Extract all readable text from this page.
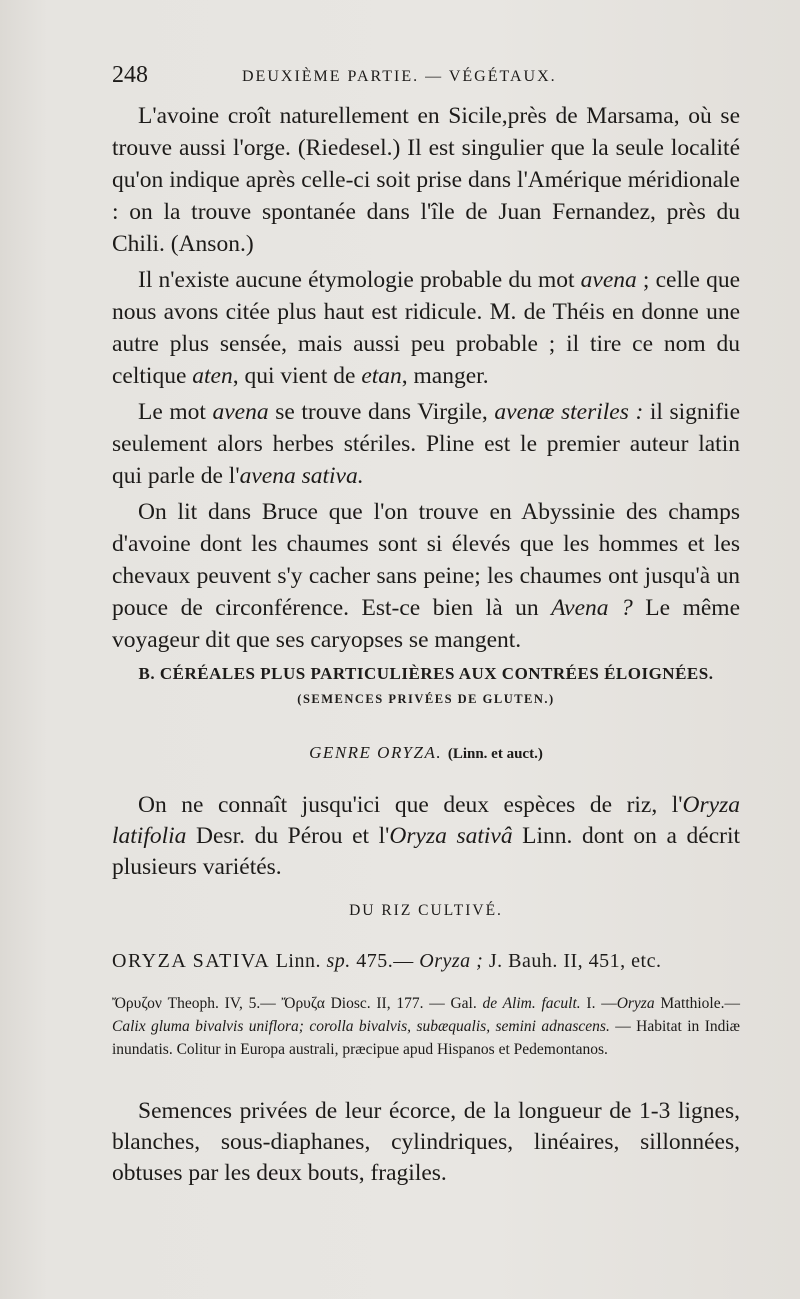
248	DEUXIÈME PARTIE. — VÉGÉTAUX.

L'avoine croît naturellement en Sicile,près de Marsama, où se trouve aussi l'orge. (Riedesel.) Il est singulier que la seule localité qu'on indique après celle-ci soit prise dans l'Amérique méridionale : on la trouve spontanée dans l'île de Juan Fernandez, près du Chili. (Anson.)

Il n'existe aucune étymologie probable du mot avena ; celle que nous avons citée plus haut est ridicule. M. de Théis en donne une autre plus sensée, mais aussi peu probable ; il tire ce nom du celtique aten, qui vient de etan, manger.

Le mot avena se trouve dans Virgile, avenæ steriles : il signifie seulement alors herbes stériles. Pline est le premier auteur latin qui parle de l'avena sativa.

On lit dans Bruce que l'on trouve en Abyssinie des champs d'avoine dont les chaumes sont si élevés que les hommes et les chevaux peuvent s'y cacher sans peine; les chaumes ont jusqu'à un pouce de circonférence. Est-ce bien là un Avena ? Le même voyageur dit que ses caryopses se mangent.

B. CÉRÉALES PLUS PARTICULIÈRES AUX CONTRÉES ÉLOIGNÉES.
(SEMENCES PRIVÉES DE GLUTEN.)
GENRE ORYZA. (Linn. et auct.)

On ne connaît jusqu'ici que deux espèces de riz, l'Oryza latifolia Desr. du Pérou et l'Oryza sativâ Linn. dont on a décrit plusieurs variétés.

DU RIZ CULTIVÉ.
ORYZA SATIVA Linn. sp. 475.— Oryza ; J. Bauh. II, 451, etc.

Ὄρυζον Theoph. IV, 5.— Ὄρυζα Diosc. II, 177. — Gal. de Alim. facult. I. —Oryza Matthiole.— Calix gluma bivalvis uniflora; corolla bivalvis, subæqualis, semini adnascens. — Habitat in Indiæ inundatis. Colitur in Europa australi, præcipue apud Hispanos et Pedemontanos.

Semences privées de leur écorce, de la longueur de 1-3 lignes, blanches, sous-diaphanes, cylindriques, linéaires, sillonnées, obtuses par les deux bouts, fragiles.
